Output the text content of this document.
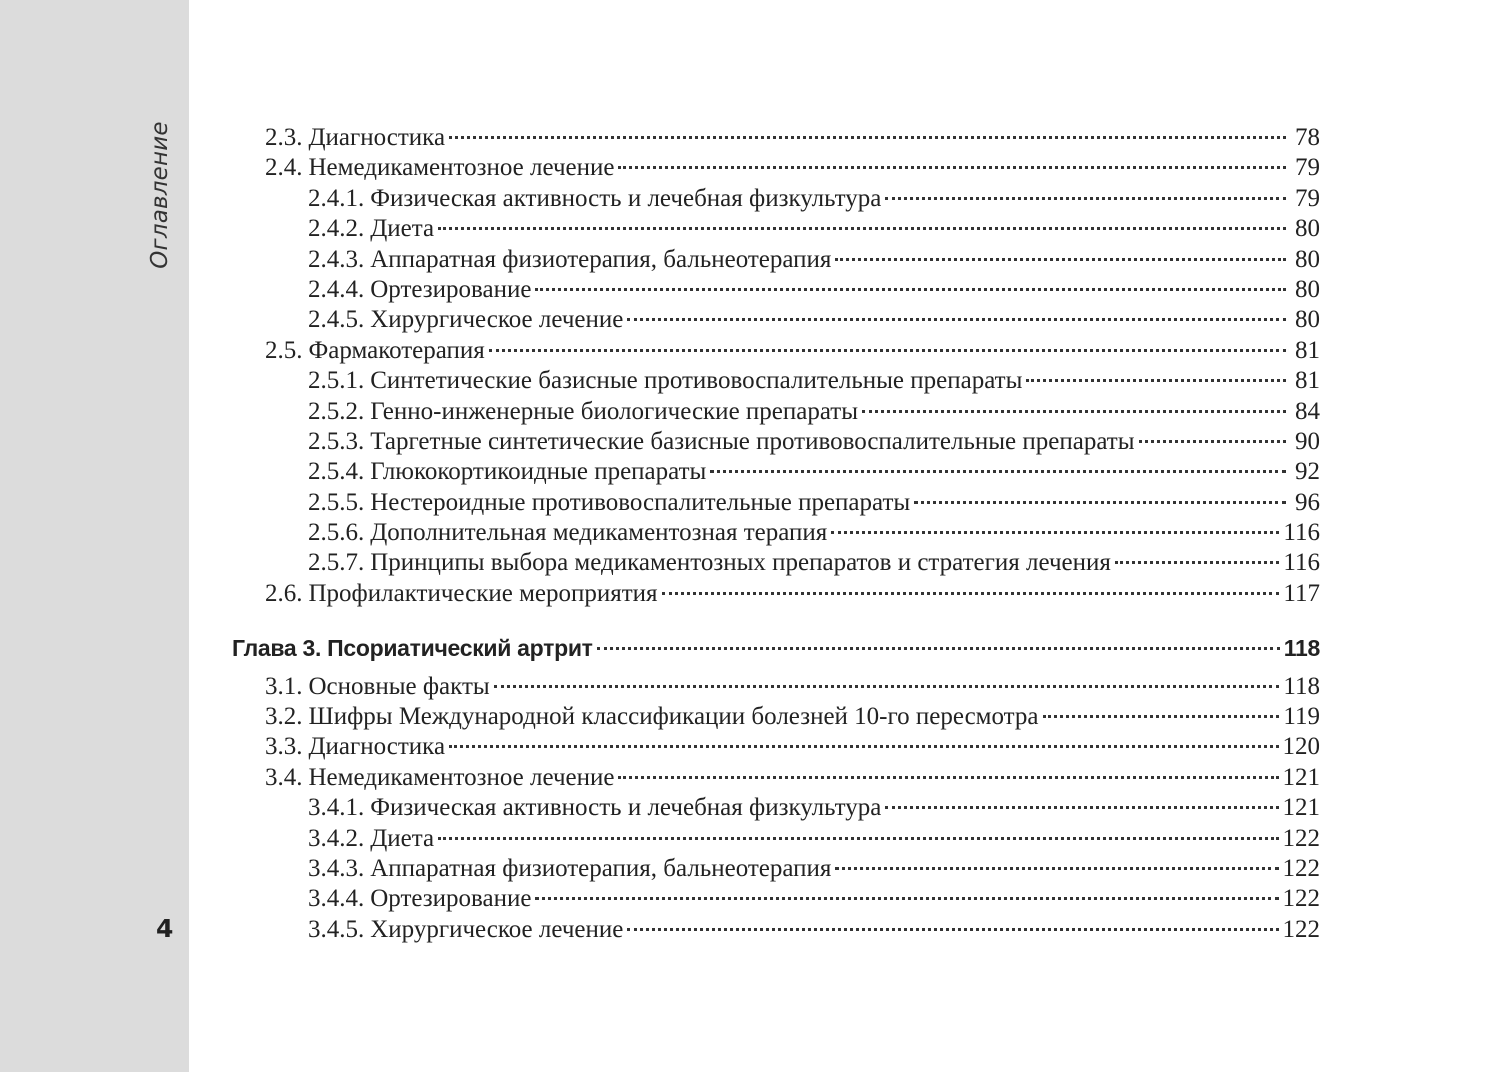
Оглавление
4
2.3. Диагностика	78
2.4. Немедикаментозное лечение	79
2.4.1. Физическая активность и лечебная физкультура	79
2.4.2. Диета	80
2.4.3. Аппаратная физиотерапия, бальнеотерапия	80
2.4.4. Ортезирование	80
2.4.5. Хирургическое лечение	80
2.5. Фармакотерапия	81
2.5.1. Синтетические базисные противовоспалительные препараты	81
2.5.2. Генно-инженерные биологические препараты	84
2.5.3. Таргетные синтетические базисные противовоспалительные препараты	90
2.5.4. Глюкокортикоидные препараты	92
2.5.5. Нестероидные противовоспалительные препараты	96
2.5.6. Дополнительная медикаментозная терапия	116
2.5.7. Принципы выбора медикаментозных препаратов и стратегия лечения	116
2.6. Профилактические мероприятия	117
Глава 3. Псориатический артрит	118
3.1. Основные факты	118
3.2. Шифры Международной классификации болезней 10-го пересмотра	119
3.3. Диагностика	120
3.4. Немедикаментозное лечение	121
3.4.1. Физическая активность и лечебная физкультура	121
3.4.2. Диета	122
3.4.3. Аппаратная физиотерапия, бальнеотерапия	122
3.4.4. Ортезирование	122
3.4.5. Хирургическое лечение	122
